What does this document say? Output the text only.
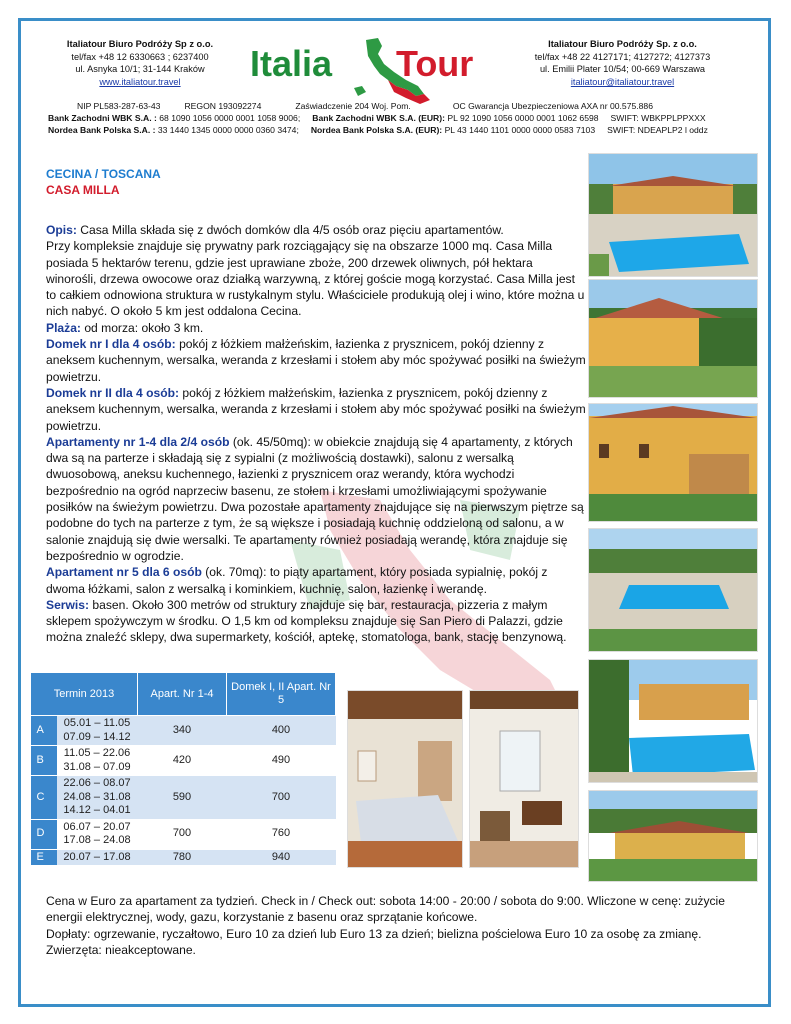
Italiatour Biuro Podróży Sp z o.o.
tel/fax +48 12 6330663 ; 6237400
ul. Asnyka 10/1; 31-144 Kraków
www.italiatour.travel	Italia Tour	Italiatour Biuro Podróży Sp. z o.o.
tel/fax +48 22 4127171; 4127272; 4127373
ul. Emilii Plater 10/54; 00-669 Warszawa
italiatour@italiatour.travel
NIP PL583-287-63-43	REGON 193092274	Zaświadczenie 204 Woj. Pom.	OC Gwarancja Ubezpieczeniowa AXA nr 00.575.886
Bank Zachodni WBK S.A. : 68 1090 1056 0000 0001 1058 9006; Bank Zachodni WBK S.A. (EUR): PL 92 1090 1056 0000 0001 1062 6598 SWIFT: WBKPPLPPXXX
Nordea Bank Polska S.A. : 33 1440 1345 0000 0000 0360 3474; Nordea Bank Polska S.A. (EUR): PL 43 1440 1101 0000 0000 0583 7103 SWIFT: NDEAPLP2 l oddz
CECINA / TOSCANA
CASA MILLA

Opis: Casa Milla składa się z dwóch domków dla 4/5 osób oraz pięciu apartamentów.

Przy kompleksie znajduje się prywatny park rozciągający się na obszarze 1000 mq. Casa Milla posiada 5 hektarów terenu, gdzie jest uprawiane zboże, 200 drzewek oliwnych, pół hektara winorośli, drzewa owocowe oraz działką warzywną, z której goście mogą korzystać. Casa Milla jest to całkiem odnowiona struktura w rustykalnym stylu. Właściciele produkują olej i wino, które można u nich nabyć. O około 5 km jest oddalona Cecina.

Plaża: od morza: około 3 km.

Domek nr I dla 4 osób: pokój z łóżkiem małżeńskim, łazienka z prysznicem, pokój dzienny z aneksem kuchennym, wersalka, weranda z krzesłami i stołem aby móc spożywać posiłki na świeżym powietrzu.

Domek nr II dla 4 osób: pokój z łóżkiem małżeńskim, łazienka z prysznicem, pokój dzienny z aneksem kuchennym, wersalka, weranda z krzesłami i stołem aby móc spożywać posiłki na świeżym powietrzu.

Apartamenty nr 1-4 dla 2/4 osób (ok. 45/50mq): w obiekcie znajdują się 4 apartamenty, z których dwa są na parterze i składają się z sypialni (z możliwością dostawki), salonu z wersalką dwuosobową, aneksu kuchennego, łazienki z prysznicem oraz werandy, która wychodzi bezpośrednio na ogród naprzeciw basenu, ze stołem i krzesłami umożliwiającymi spożywanie posiłków na świeżym powietrzu. Dwa pozostałe apartamenty znajdujące się na pierwszym piętrze są podobne do tych na parterze z tym, że są większe i posiadają kuchnię oddzieloną od salonu, a w salonie znajdują się dwie wersalki. Te apartamenty również posiadają werandę, która znajduje się bezpośrednio w ogrodzie.

Apartament nr 5 dla 6 osób (ok. 70mq): to piąty apartament, który posiada sypialnię, pokój z dwoma łóżkami, salon z wersalką i kominkiem, kuchnię, salon, łazienkę i werandę.

Serwis: basen. Około 300 metrów od struktury znajduje się bar, restauracja, pizzeria z małym sklepem spożywczym w środku. O 1,5 km od kompleksu znajduje się San Piero di Palazzi, gdzie można znaleźć sklepy, dwa supermarkety, kościół, aptekę, stomatologa, bank, stację benzynową.

Termin 2013		Apart. Nr 1-4	Domek I, II Apart. Nr 5
A	05.01 – 11.05
07.09 – 14.12	340	400
B	11.05 – 22.06
31.08 – 07.09	420	490
C	22.06 – 08.07
24.08 – 31.08
14.12 – 04.01	590	700
D	06.07 – 20.07
17.08 – 24.08	700	760
E	20.07 – 17.08	780	940

Cena w Euro za apartament za tydzień. Check in / Check out: sobota 14:00 - 20:00 / sobota do 9:00. Wliczone w cenę: zużycie energii elektrycznej, wody, gazu, korzystanie z basenu oraz sprzątanie końcowe.

Dopłaty: ogrzewanie, ryczałtowo, Euro 10 za dzień lub Euro 13 za dzień; bielizna pościelowa Euro 10 za osobę za zmianę.

Zwierzęta: nieakceptowane.
